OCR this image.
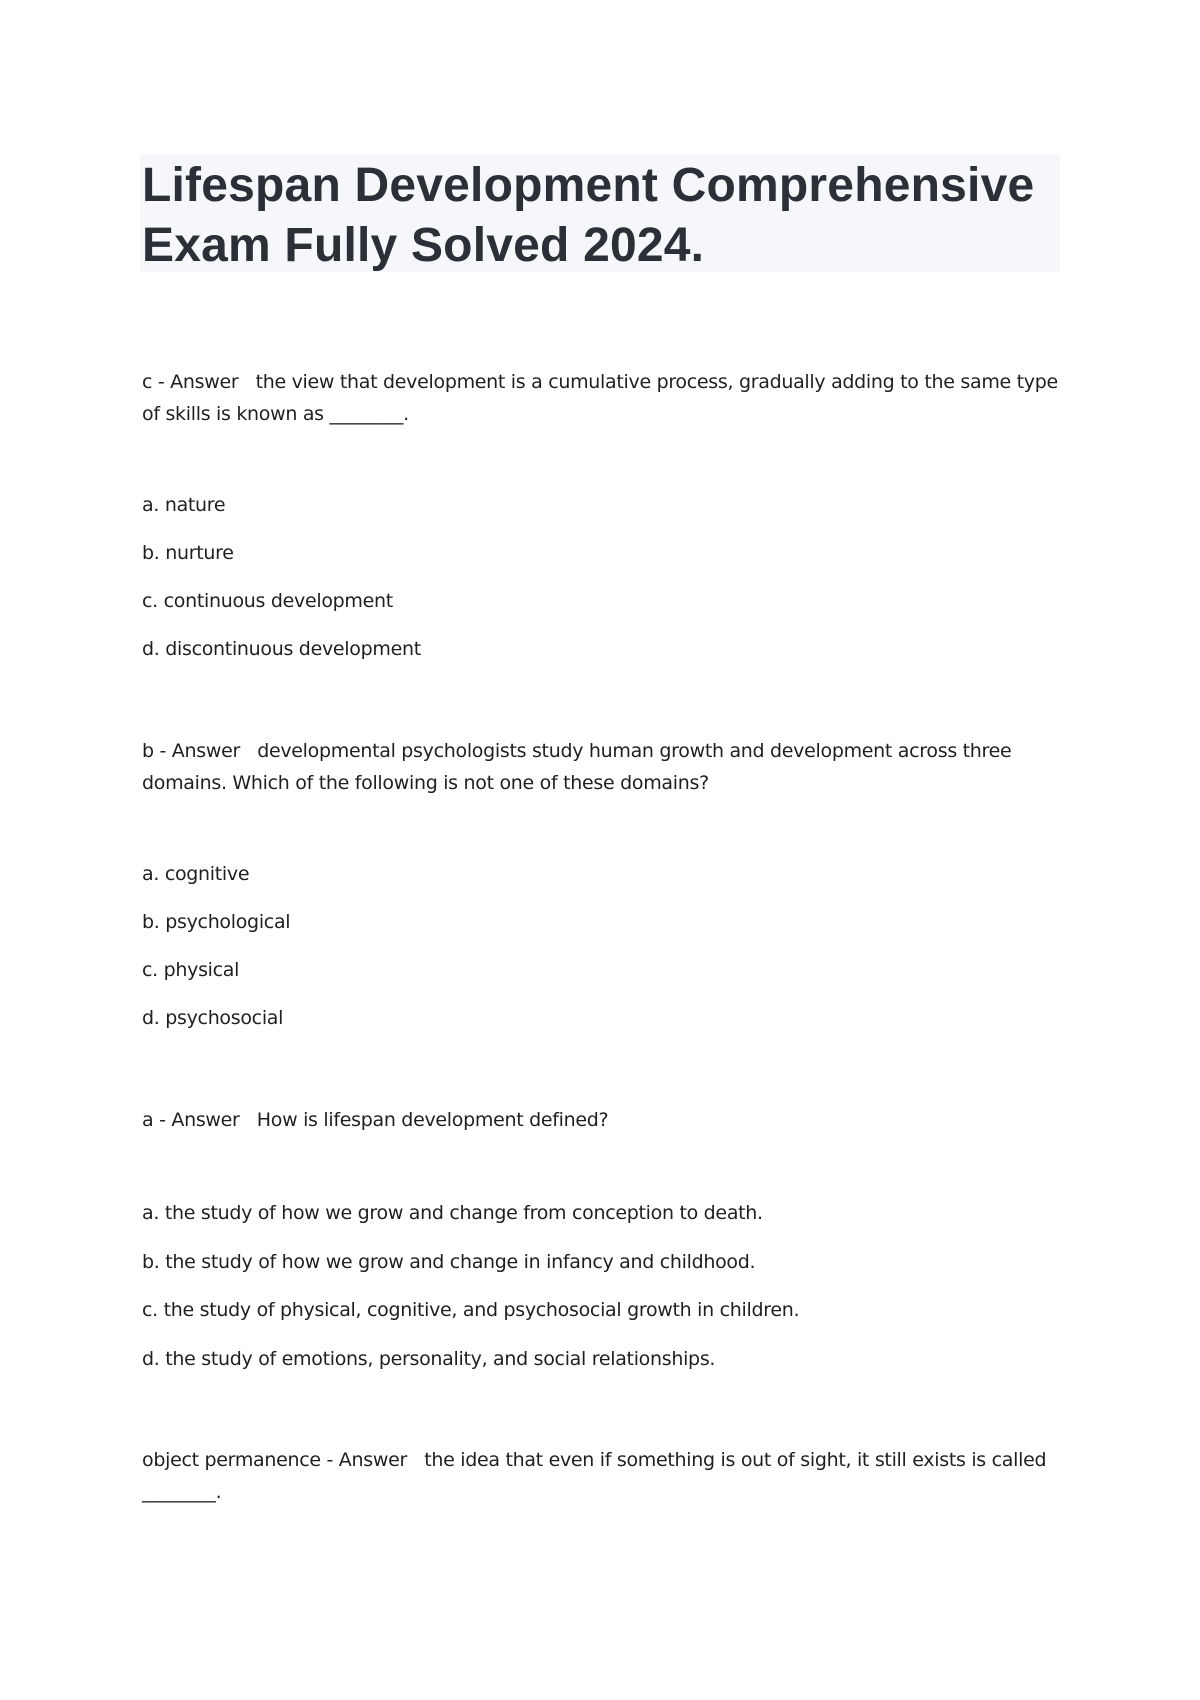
Lifespan Development Comprehensive
Exam Fully Solved 2024.

c - Answer the view that development is a cumulative process, gradually adding to the same type of skills is known as ________.

a. nature
b. nurture
c. continuous development
d. discontinuous development

b - Answer developmental psychologists study human growth and development across three domains. Which of the following is not one of these domains?

a. cognitive
b. psychological
c. physical
d. psychosocial

a - Answer How is lifespan development defined?

a. the study of how we grow and change from conception to death.
b. the study of how we grow and change in infancy and childhood.
c. the study of physical, cognitive, and psychosocial growth in children.
d. the study of emotions, personality, and social relationships.

object permanence - Answer the idea that even if something is out of sight, it still exists is called ________.
